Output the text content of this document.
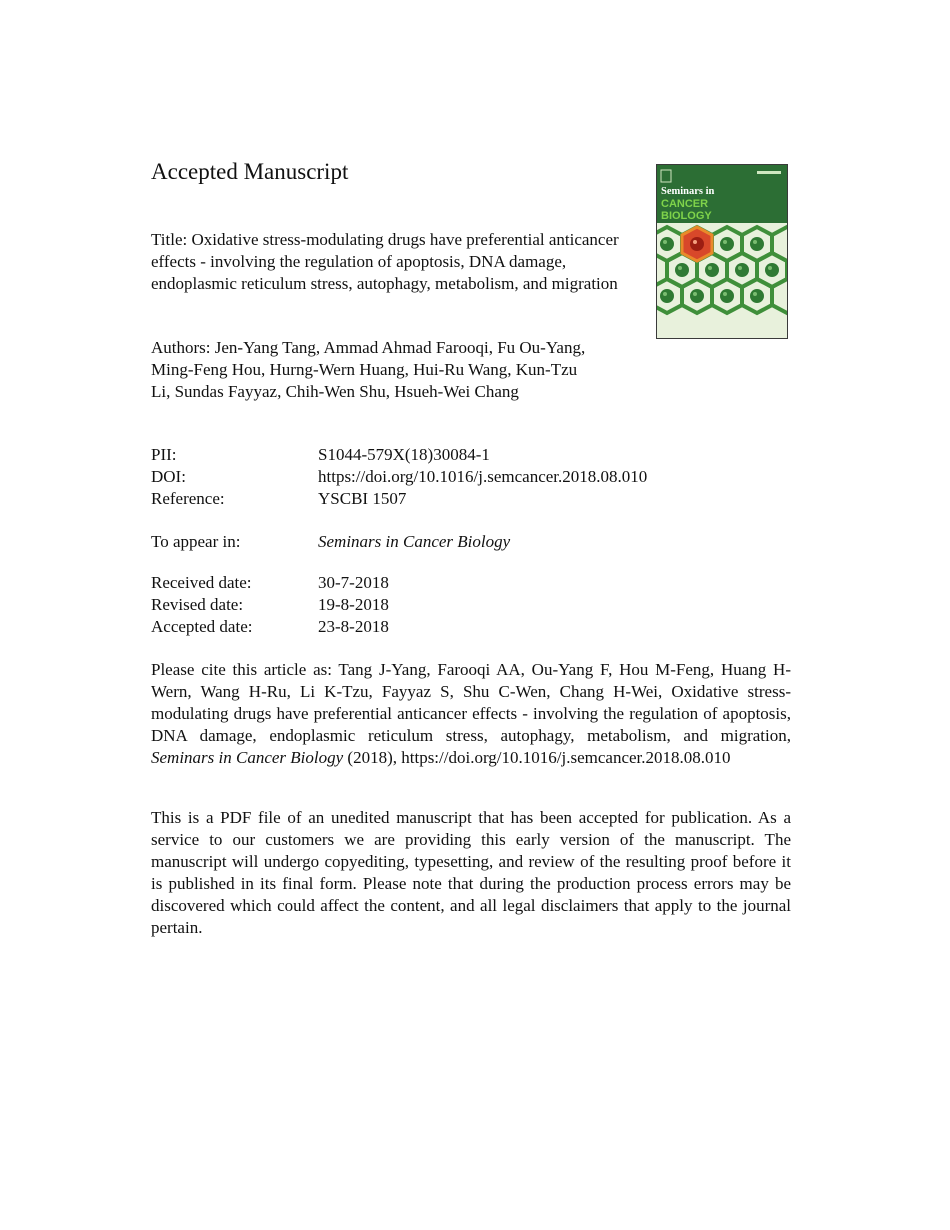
Accepted Manuscript
Seminars in
CANCER
BIOLOGY
Title: Oxidative stress-modulating drugs have preferential anticancer effects - involving the regulation of apoptosis, DNA damage, endoplasmic reticulum stress, autophagy, metabolism, and migration
Authors: Jen-Yang Tang, Ammad Ahmad Farooqi, Fu Ou-Yang, Ming-Feng Hou, Hurng-Wern Huang, Hui-Ru Wang, Kun-Tzu Li, Sundas Fayyaz, Chih-Wen Shu, Hsueh-Wei Chang
PII:	S1044-579X(18)30084-1
DOI:	https://doi.org/10.1016/j.semcancer.2018.08.010
Reference:	YSCBI 1507
To appear in:	Seminars in Cancer Biology
Received date:	30-7-2018
Revised date:	19-8-2018
Accepted date:	23-8-2018
Please cite this article as: Tang J-Yang, Farooqi AA, Ou-Yang F, Hou M-Feng, Huang H-Wern, Wang H-Ru, Li K-Tzu, Fayyaz S, Shu C-Wen, Chang H-Wei, Oxidative stress-modulating drugs have preferential anticancer effects - involving the regulation of apoptosis, DNA damage, endoplasmic reticulum stress, autophagy, metabolism, and migration, Seminars in Cancer Biology (2018), https://doi.org/10.1016/j.semcancer.2018.08.010
This is a PDF file of an unedited manuscript that has been accepted for publication. As a service to our customers we are providing this early version of the manuscript. The manuscript will undergo copyediting, typesetting, and review of the resulting proof before it is published in its final form. Please note that during the production process errors may be discovered which could affect the content, and all legal disclaimers that apply to the journal pertain.
